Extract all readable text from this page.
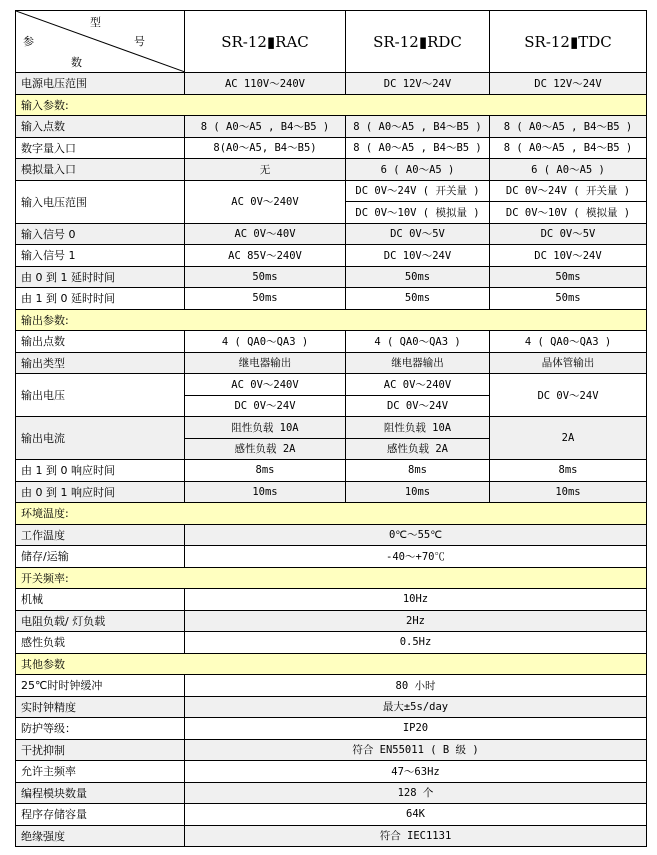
型
参 号
数	SR-12▮RAC	SR-12▮RDC	SR-12▮TDC
电源电压范围	AC 110V～240V	DC 12V～24V	DC 12V～24V
输入参数:			
输入点数	8 ( A0～A5 , B4～B5 )	8 ( A0～A5 , B4～B5 )	8 ( A0～A5 , B4～B5 )
数字量入口	8(A0～A5, B4～B5)	8 ( A0～A5 , B4～B5 )	8 ( A0～A5 , B4～B5 )
模拟量入口	无	6 ( A0～A5 )	6 ( A0～A5 )
输入电压范围	AC 0V～240V	DC 0V～24V ( 开关量 )	DC 0V～24V ( 开关量 )
		DC 0V～10V ( 模拟量 )	DC 0V～10V ( 模拟量 )
输入信号 0	AC 0V～40V	DC 0V～5V	DC 0V～5V
输入信号 1	AC 85V～240V	DC 10V～24V	DC 10V～24V
由 0 到 1 延时时间	50ms	50ms	50ms
由 1 到 0 延时时间	50ms	50ms	50ms
输出参数:			
输出点数	4 ( QA0～QA3 )	4 ( QA0～QA3 )	4 ( QA0～QA3 )
输出类型	继电器输出	继电器输出	晶体管输出
输出电压	AC 0V～240V	AC 0V～240V	DC 0V～24V
	DC 0V～24V	DC 0V～24V	
输出电流	阻性负载 10A	阻性负载 10A	2A
	感性负载 2A	感性负载 2A	
由 1 到 0 响应时间	8ms	8ms	8ms
由 0 到 1 响应时间	10ms	10ms	10ms
环境温度:			
工作温度	0℃～55℃		
储存/运输	-40～+70℃		
开关频率:			
机械	10Hz		
电阻负载/ 灯负载	2Hz		
感性负载	0.5Hz		
其他参数			
25℃时时钟缓冲	80 小时		
实时钟精度	最大±5s/day		
防护等级：	IP20		
干扰抑制	符合 EN55011 ( B 级 )		
允许主频率	47～63Hz		
编程模块数量	128 个		
程序存储容量	64K		
绝缘强度	符合 IEC1131		
